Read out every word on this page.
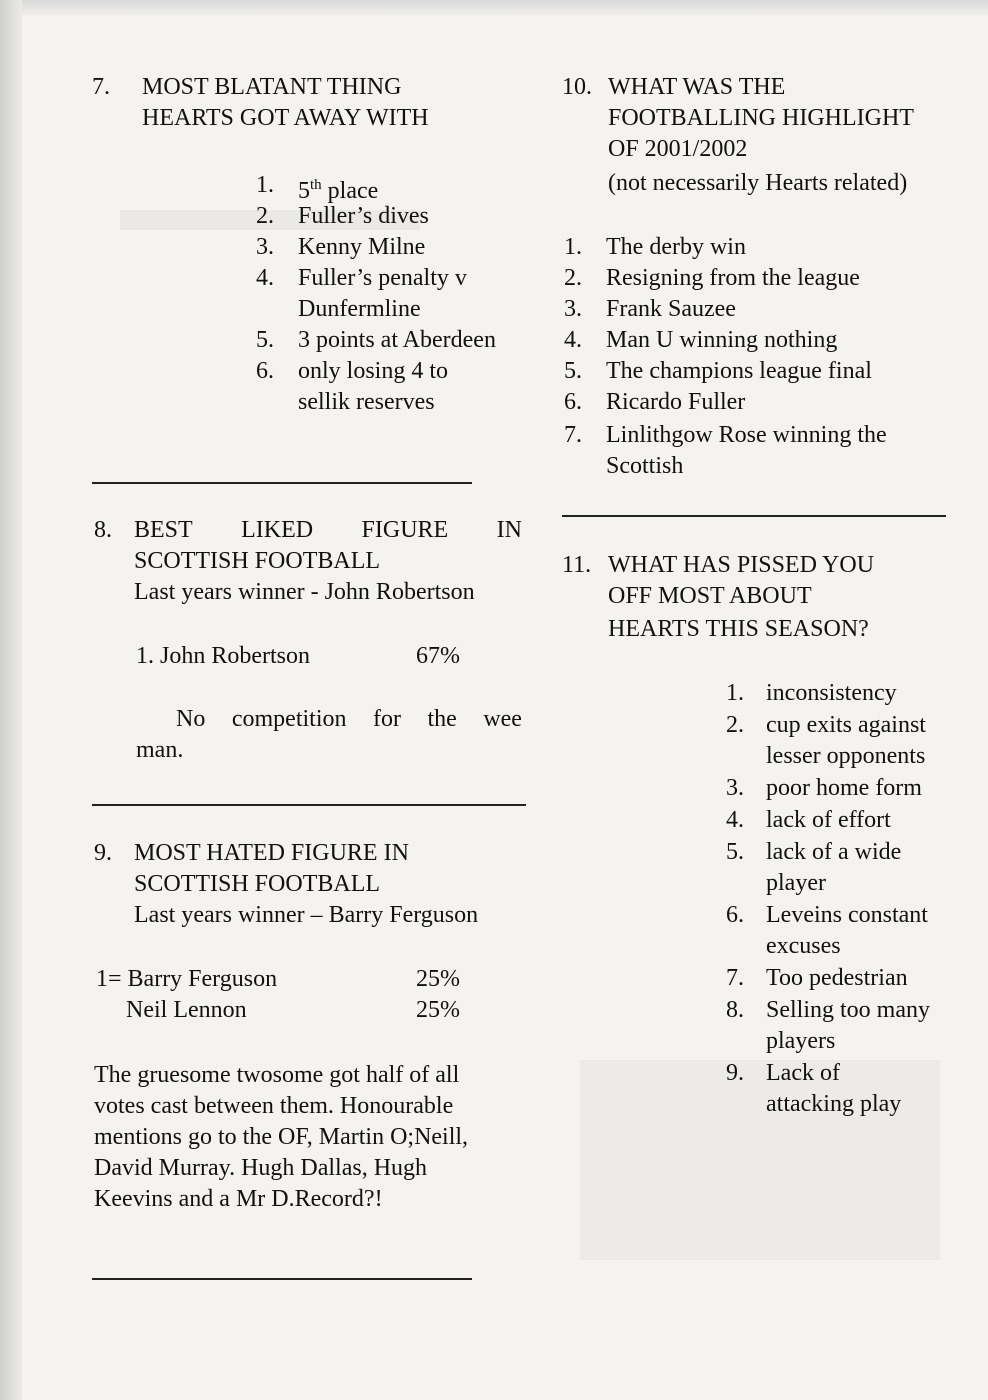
7. MOST BLATANT THING
HEARTS GOT AWAY WITH
1. 5th place
2. Fuller’s dives
3. Kenny Milne
4. Fuller’s penalty v
Dunfermline
5. 3 points at Aberdeen
6. only losing 4 to
sellik reserves
8. BEST LIKED FIGURE IN
SCOTTISH FOOTBALL
Last years winner - John Robertson
1. John Robertson	67%
No competition for the wee
man.
9. MOST HATED FIGURE IN
SCOTTISH FOOTBALL
Last years winner – Barry Ferguson
1= Barry Ferguson	25%
Neil Lennon	25%
The gruesome twosome got half of all
votes cast between them. Honourable
mentions go to the OF, Martin O;Neill,
David Murray. Hugh Dallas, Hugh
Keevins and a Mr D.Record?!
10. WHAT WAS THE
FOOTBALLING HIGHLIGHT
OF 2001/2002
(not necessarily Hearts related)
1. The derby win
2. Resigning from the league
3. Frank Sauzee
4. Man U winning nothing
5. The champions league final
6. Ricardo Fuller
7. Linlithgow Rose winning the
Scottish
11. WHAT HAS PISSED YOU
OFF MOST ABOUT
HEARTS THIS SEASON?
1. inconsistency
2. cup exits against
lesser opponents
3. poor home form
4. lack of effort
5. lack of a wide
player
6. Leveins constant
excuses
7. Too pedestrian
8. Selling too many
players
9. Lack of
attacking play
